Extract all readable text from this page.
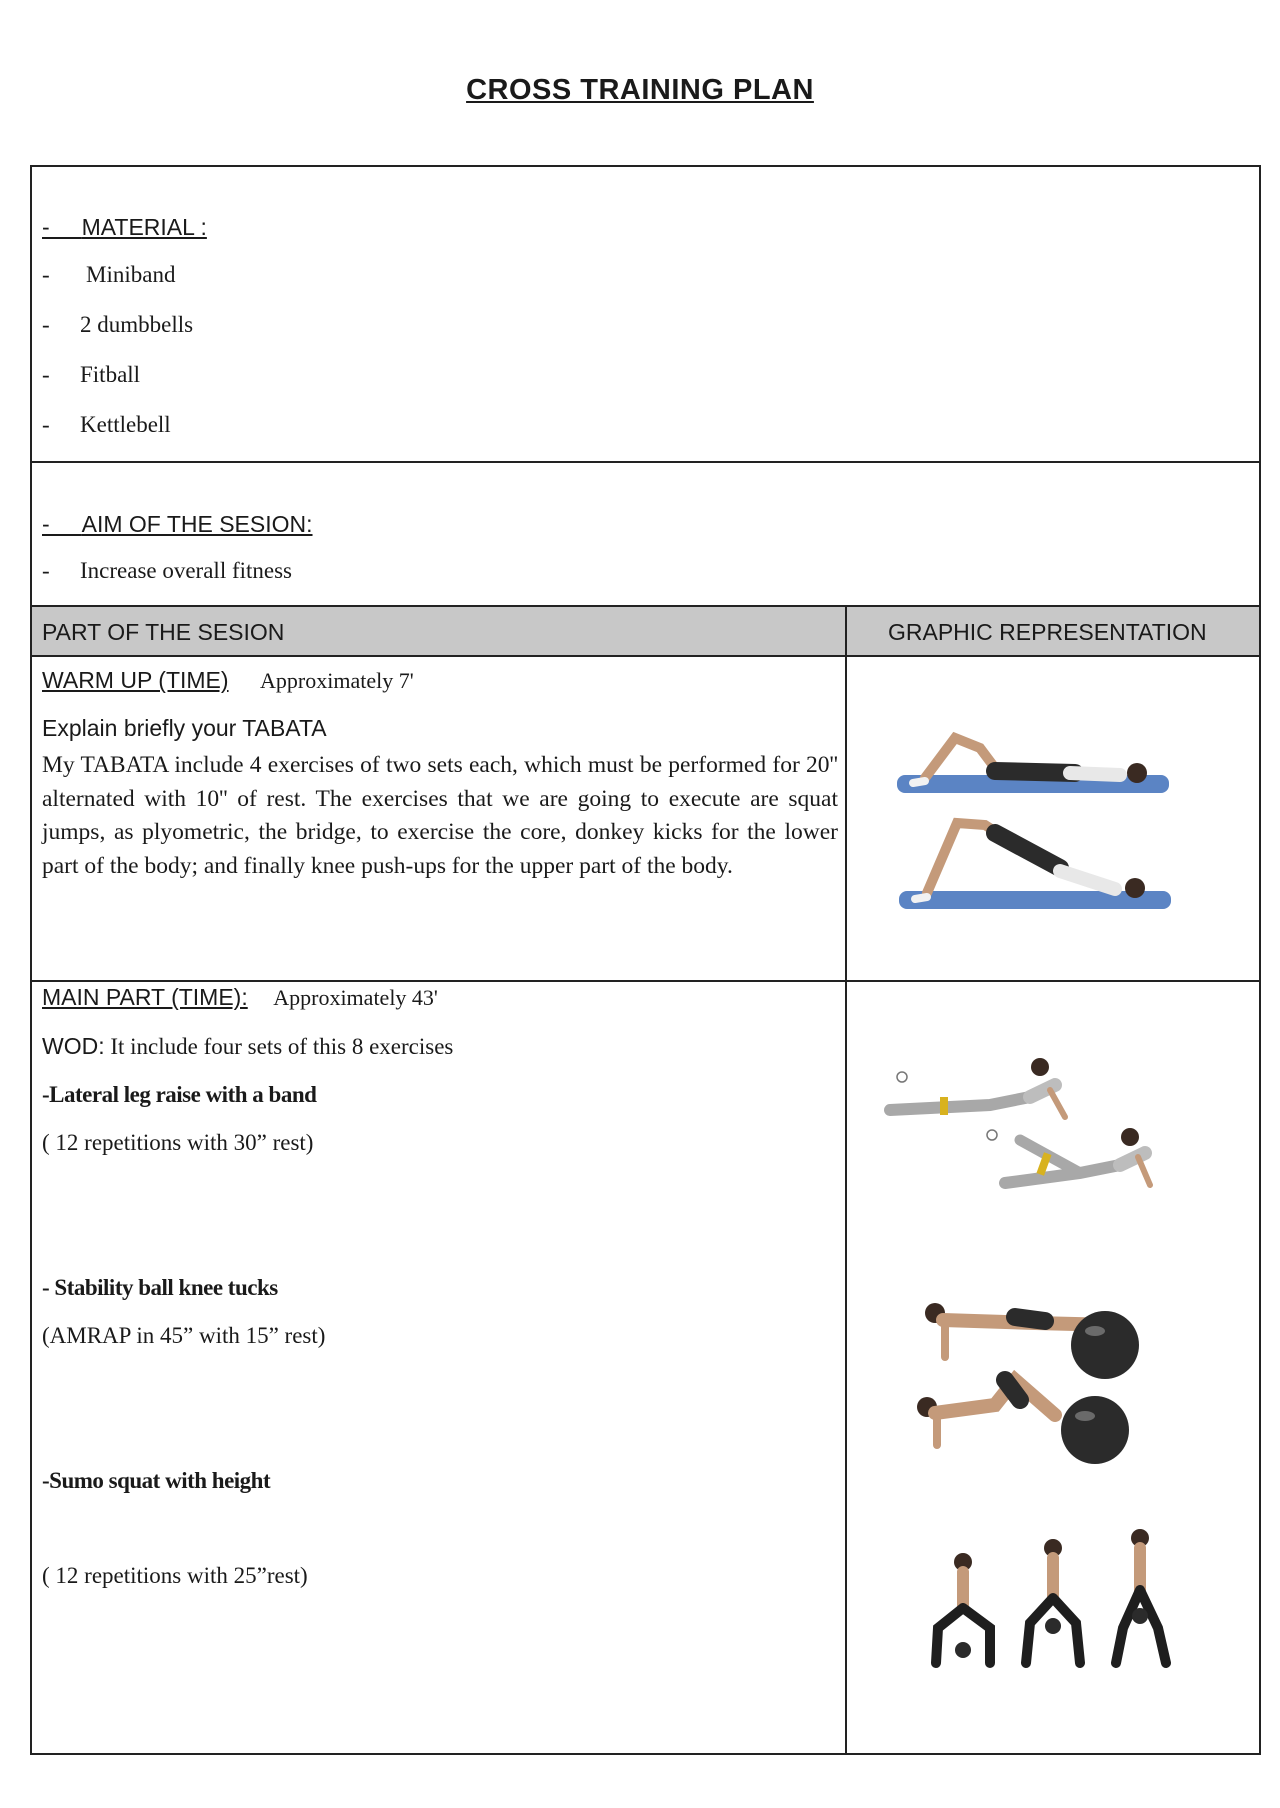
CROSS TRAINING PLAN
-     MATERIAL :
- Miniband
- 2 dumbbells
- Fitball
- Kettlebell
-     AIM OF THE SESION:
- Increase overall fitness
PART OF THE SESION	GRAPHIC REPRESENTATION
WARM UP (TIME) Approximately 7'
Explain briefly your TABATA
My TABATA include 4 exercises of two sets each, which must be performed for 20'' alternated with 10'' of rest. The exercises that we are going to execute are squat jumps, as plyometric, the bridge, to exercise the core, donkey kicks for the lower part of the body; and finally knee push-ups for the upper part of the body.
MAIN PART (TIME): Approximately 43'
WOD: It include four sets of this 8 exercises
-Lateral leg raise with a band
( 12 repetitions with 30” rest)
- Stability ball knee tucks
(AMRAP in 45” with 15” rest)
-Sumo squat with height
( 12 repetitions with 25”rest)
